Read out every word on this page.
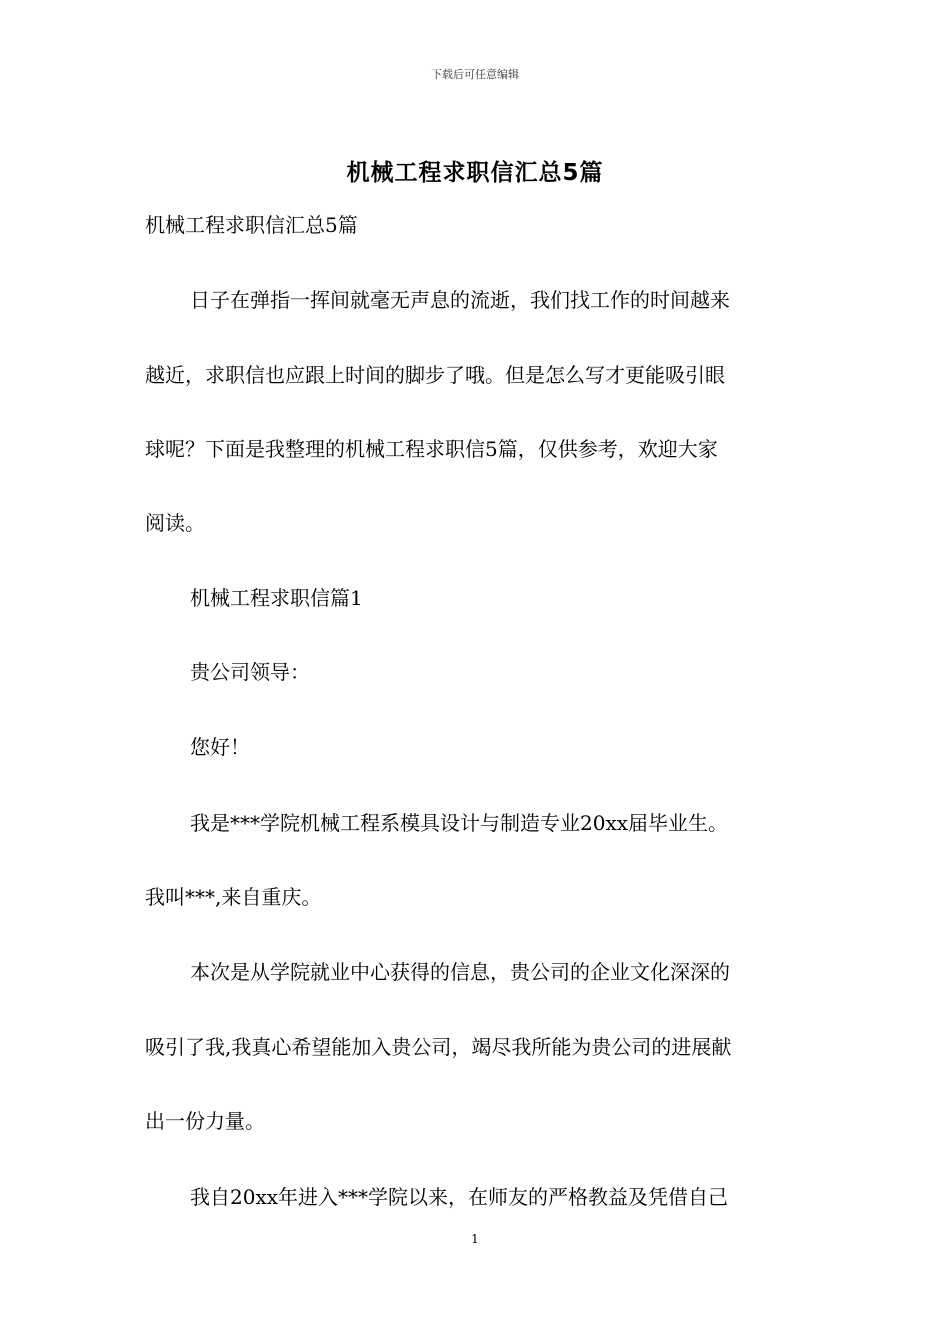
下载后可任意编辑
机械工程求职信汇总5篇
机械工程求职信汇总5篇
日子在弹指一挥间就毫无声息的流逝，我们找工作的时间越来
越近，求职信也应跟上时间的脚步了哦。但是怎么写才更能吸引眼
球呢？下面是我整理的机械工程求职信5篇，仅供参考，欢迎大家
阅读。
机械工程求职信篇1
贵公司领导：
您好！
我是***学院机械工程系模具设计与制造专业20xx届毕业生。
我叫***,来自重庆。
本次是从学院就业中心获得的信息，贵公司的企业文化深深的
吸引了我,我真心希望能加入贵公司，竭尽我所能为贵公司的进展献
出一份力量。
我自20xx年进入***学院以来，在师友的严格教益及凭借自己
1
